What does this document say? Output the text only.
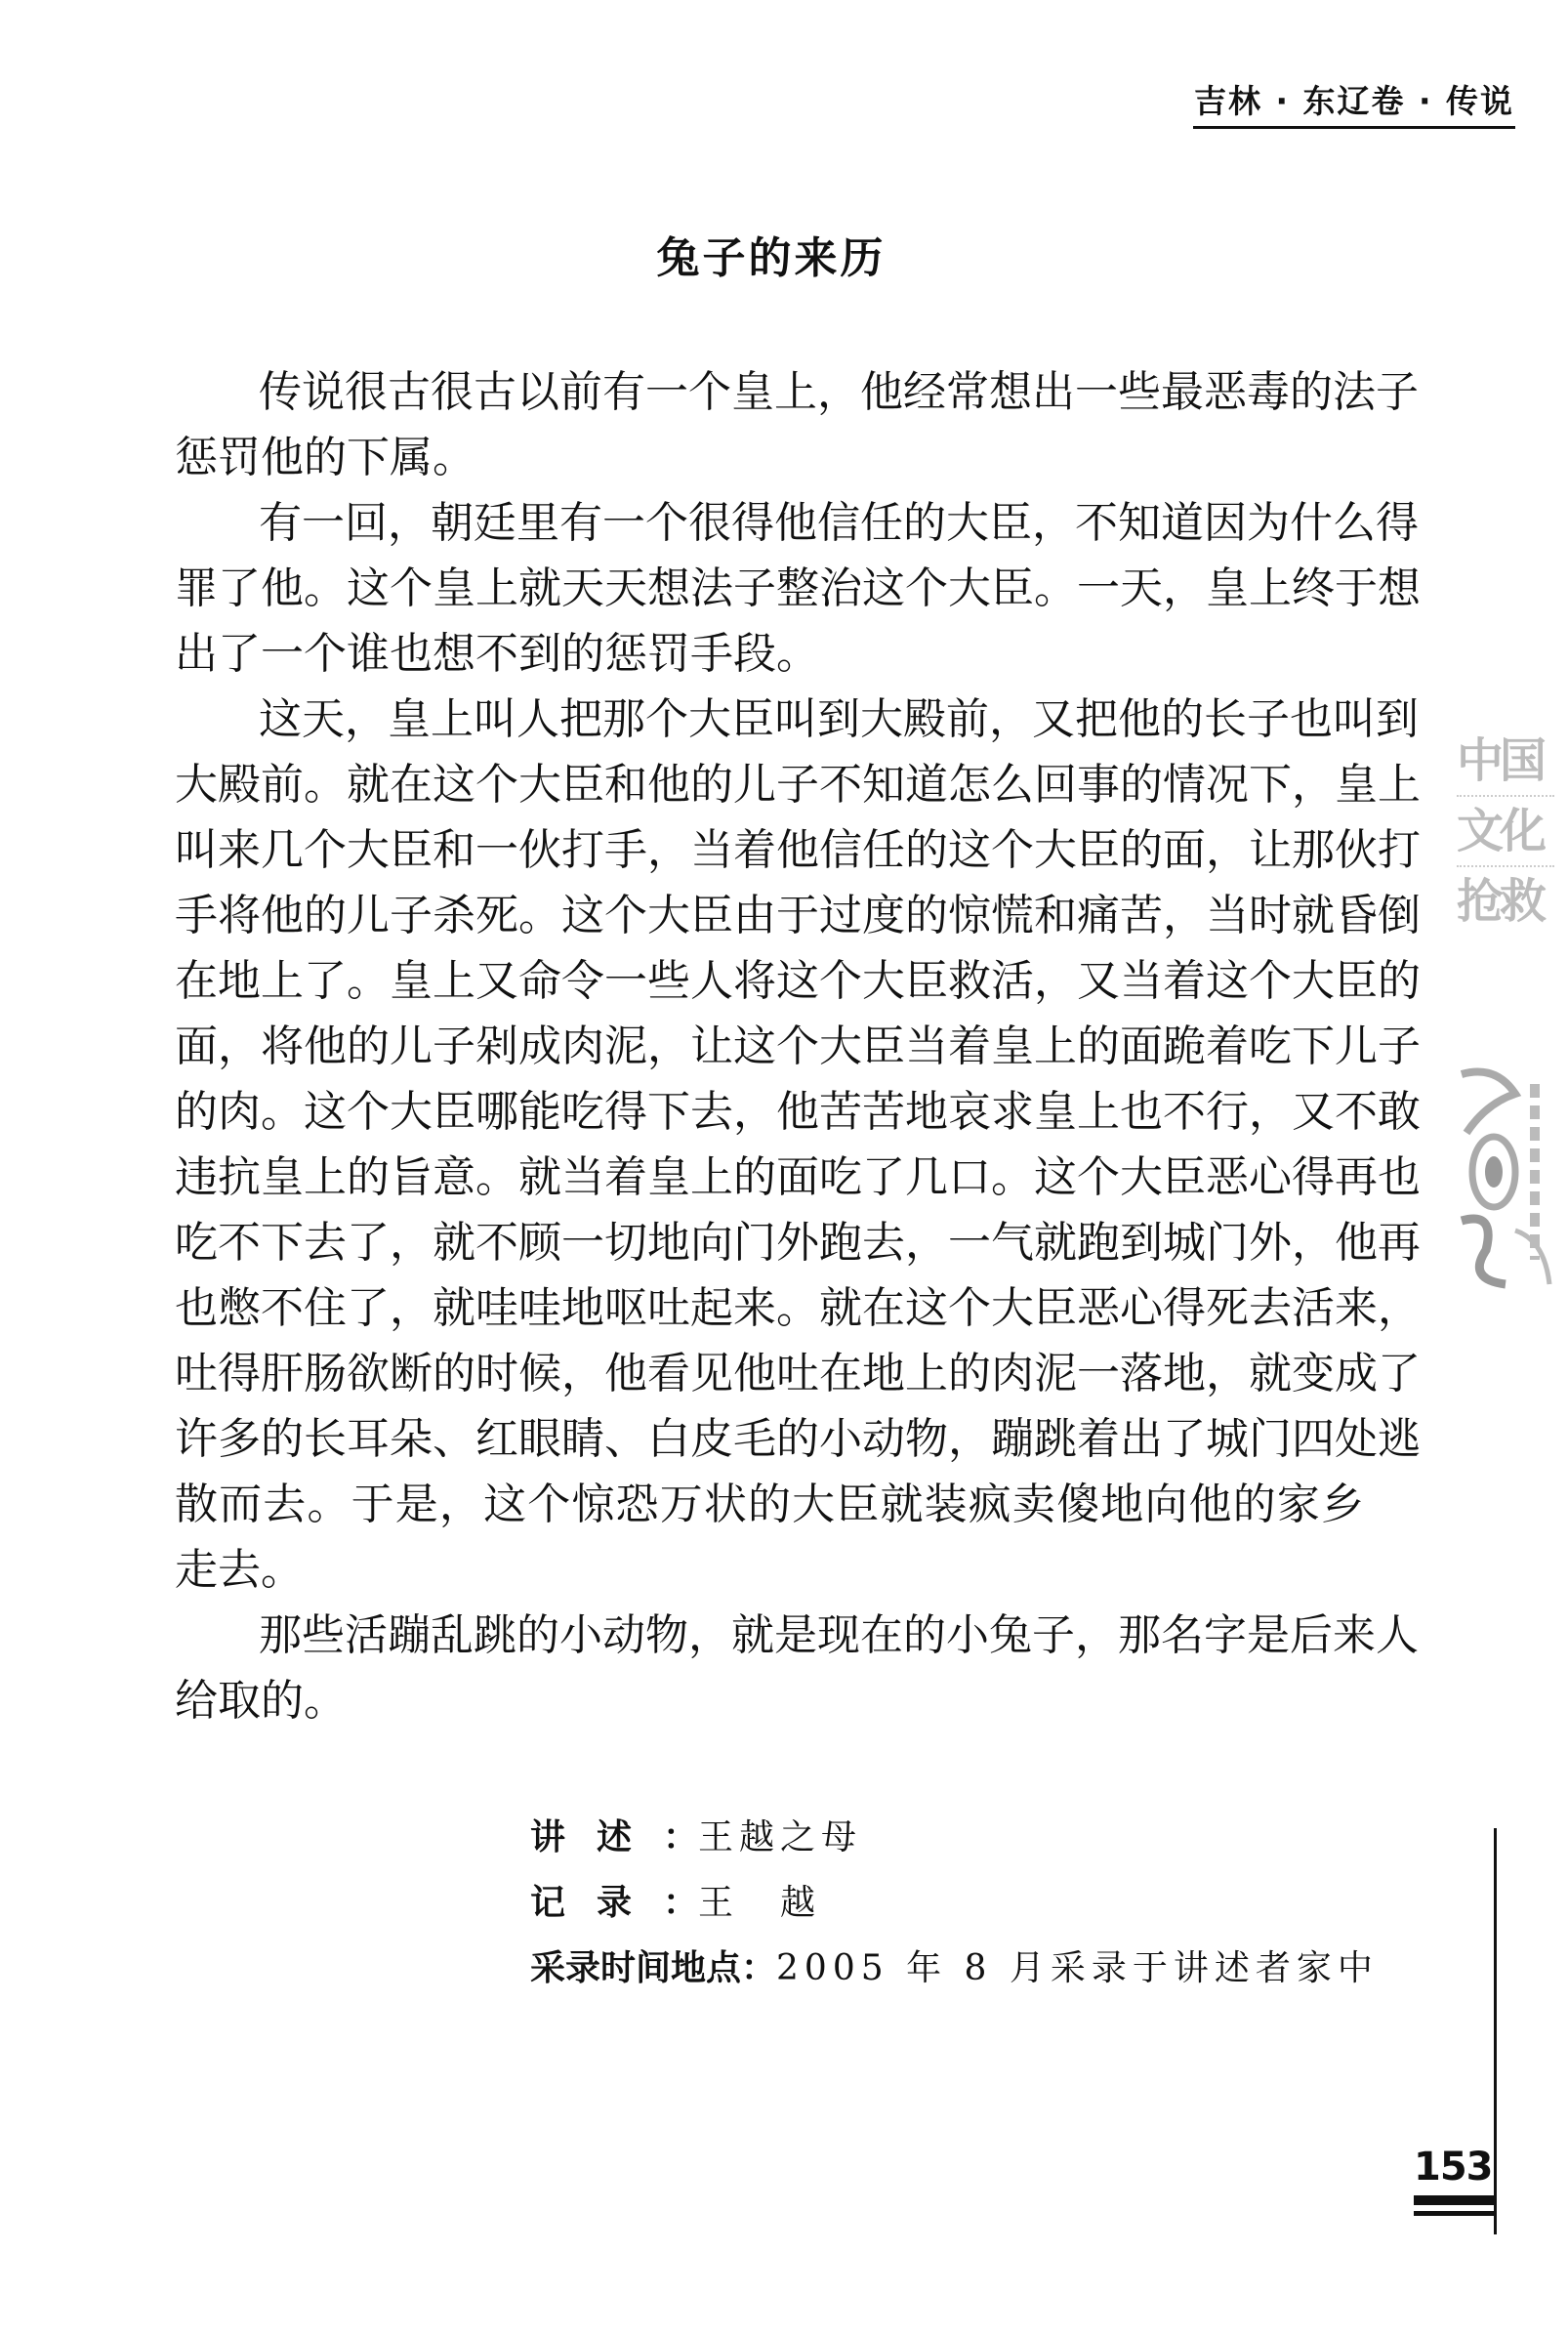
吉林 · 东辽卷 · 传说
兔子的来历
传说很古很古以前有一个皇上，他经常想出一些最恶毒的法子
惩罚他的下属。
有一回，朝廷里有一个很得他信任的大臣，不知道因为什么得
罪了他。这个皇上就天天想法子整治这个大臣。一天，皇上终于想
出了一个谁也想不到的惩罚手段。
这天，皇上叫人把那个大臣叫到大殿前，又把他的长子也叫到
大殿前。就在这个大臣和他的儿子不知道怎么回事的情况下，皇上
叫来几个大臣和一伙打手，当着他信任的这个大臣的面，让那伙打
手将他的儿子杀死。这个大臣由于过度的惊慌和痛苦，当时就昏倒
在地上了。皇上又命令一些人将这个大臣救活，又当着这个大臣的
面，将他的儿子剁成肉泥，让这个大臣当着皇上的面跪着吃下儿子
的肉。这个大臣哪能吃得下去，他苦苦地哀求皇上也不行，又不敢
违抗皇上的旨意。就当着皇上的面吃了几口。这个大臣恶心得再也
吃不下去了，就不顾一切地向门外跑去，一气就跑到城门外，他再
也憋不住了，就哇哇地呕吐起来。就在这个大臣恶心得死去活来，
吐得肝肠欲断的时候，他看见他吐在地上的肉泥一落地，就变成了
许多的长耳朵、红眼睛、白皮毛的小动物，蹦跳着出了城门四处逃
散而去。于是，这个惊恐万状的大臣就装疯卖傻地向他的家乡
走去。
那些活蹦乱跳的小动物，就是现在的小兔子，那名字是后来人
给取的。
讲述：王越之母
记录：王　越
采录时间地点：2005 年 8 月采录于讲述者家中
153
中国
文化
抢救
